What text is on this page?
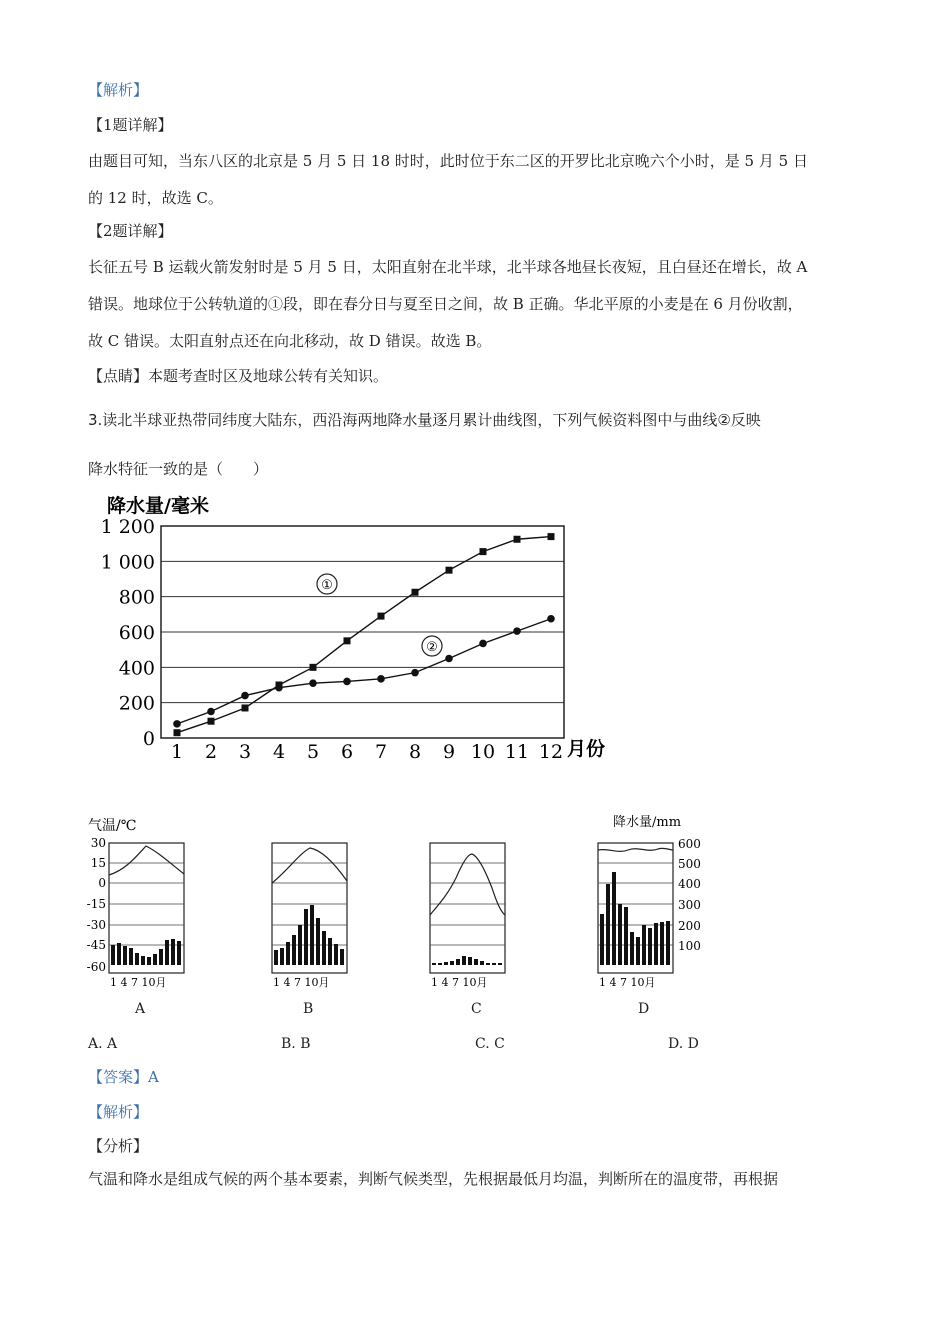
【解析】
【1题详解】
由题目可知，当东八区的北京是 5 月 5 日 18 时时，此时位于东二区的开罗比北京晚六个小时，是 5 月 5 日
的 12 时，故选 C。
【2题详解】
长征五号 B 运载火箭发射时是 5 月 5 日，太阳直射在北半球，北半球各地昼长夜短，且白昼还在增长，故 A
错误。地球位于公转轨道的①段，即在春分日与夏至日之间，故 B 正确。华北平原的小麦是在 6 月份收割，
故 C 错误。太阳直射点还在向北移动，故 D 错误。故选 B。
【点睛】本题考查时区及地球公转有关知识。
3.读北半球亚热带同纬度大陆东，西沿海两地降水量逐月累计曲线图，下列气候资料图中与曲线②反映
降水特征一致的是（　　）
降水量/毫米
0
200
400
600
800
1 000
1 200
1 2 3 4 5 6 7 8 9 10 11 12 月份
①
②
气温/℃
30
15
0
-15
-30
-45
-60
1 4 7 10月	1 4 7 10月	1 4 7 10月
降水量/mm
600
500
400
300
200
100
1 4 7 10月
A	B	C	D
A. A	B. B	C. C	D. D
【答案】A
【解析】
【分析】
气温和降水是组成气候的两个基本要素，判断气候类型，先根据最低月均温，判断所在的温度带，再根据
